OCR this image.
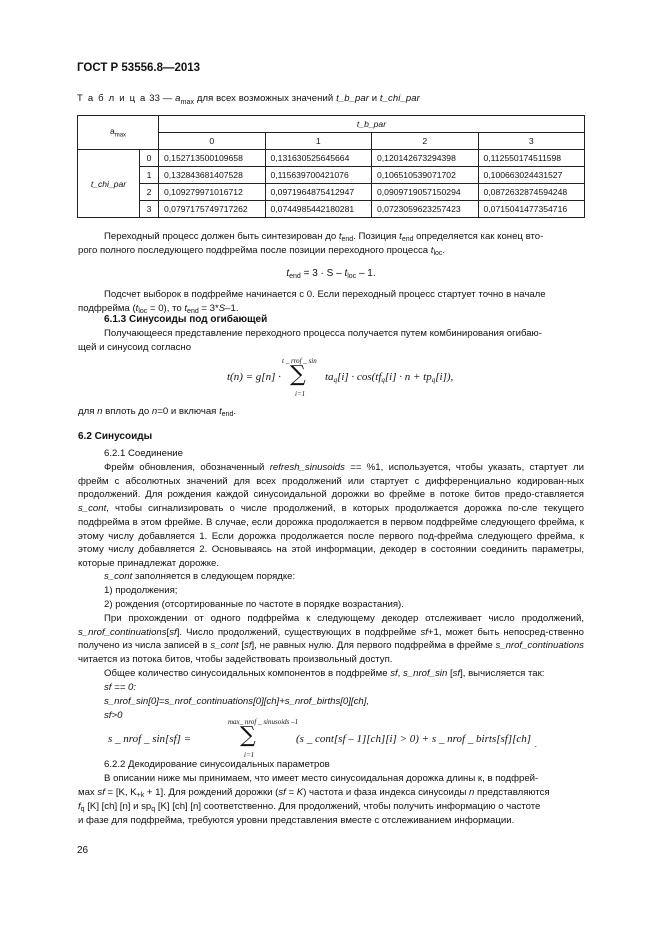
ГОСТ Р 53556.8—2013
Т а б л и ц а 33 — $a_{max}$ для всех возможных значений t_b_par и t_chi_par
$a_{max}$		t_b_par			
		0	1	2	3
t_chi_par	0	0,152713500109658	0,131630525645664	0,120142673294398	0,112550174511598
	1	0,132843681407528	0,115639700421076	0,106510539071702	0,100663024431527
	2	0,109279971016712	0,0971964875412947	0,0909719057150294	0,0872632874594248
	3	0,0797175749717262	0,0744985442180281	0,0723059623257423	0,0715041477354716
Переходный процесс должен быть синтезирован до $t_{end}$. Позиция $t_{end}$ определяется как конец вто-
рого полного последующего подфрейма после позиции переходного процесса $t_{loc}$.
$t_{end} = 3 \cdot S - t_{loc} - 1$.
Подсчет выборок в подфрейме начинается с 0. Если переходный процесс стартует точно в начале
подфрейма $(t_{loc} = 0)$, то $t_{end} = 3*S-1$.
6.1.3 Синусоиды под огибающей
Получающееся представление переходного процесса получается путем комбинирования огибаю-
щей и синусоид согласно
t(n) = g[n] ·
t _ rrof _ sin
∑
i=1
$ta_q[i] \cdot \cos(tf_q[i] \cdot n + tp_q[i])$,
для n вплоть до n=0 и включая $t_{end}$.
6.2 Синусоиды
6.2.1 Соединение
Фрейм обновления, обозначенный refresh_sinusoids == %1, используется, чтобы указать, стартует ли фрейм с абсолютных значений для всех продолжений или стартует с дифференциально кодирован-ных продолжений. Для рождения каждой синусоидальной дорожки во фрейме в потоке битов предо-ставляется s_cont, чтобы сигнализировать о числе продолжений, в которых продолжается дорожка по-сле текущего подфрейма в этом фрейме. В случае, если дорожка продолжается в первом подфрейме следующего фрейма, к этому числу добавляется 1. Если дорожка продолжается после первого под-фрейма следующего фрейма, к этому числу добавляется 2. Основываясь на этой информации, декодер в состоянии соединить параметры, которые принадлежат дорожке.
s_cont заполняется в следующем порядке:
1) продолжения;
2) рождения (отсортированные по частоте в порядке возрастания).
При прохождении от одного подфрейма к следующему декодер отслеживает число продолжений, s_nrof_continuations[sf]. Число продолжений, существующих в подфрейме sf+1, может быть непосред-ственно получено из числа записей в s_cont [sf], не равных нулю. Для первого подфрейма в фрейме s_nrof_continuations читается из потока битов, чтобы задействовать произвольный доступ.
Общее количество синусоидальных компонентов в подфрейме sf, s_nrof_sin [sf], вычисляется так:
sf == 0:
s_nrof_sin[0]=s_nrof_continuations[0][ch]+s_nrof_births[0][ch],
sf>0
s _ nrof _ sin[sf] =
max_ nrof _ sinusoids –1
∑
i=1
(s _ cont[sf – 1][ch][i] > 0) + s _ nrof _ birts[sf][ch] .
6.2.2 Декодирование синусоидальных параметров
В описании ниже мы принимаем, что имеет место синусоидальная дорожка длины к, в подфрей-
мах sf = [K, $K_{+k} + 1$]. Для рождений дорожки (sf = K) частота и фаза индекса синусоиды n представляются
$f_q$ [K] [ch] [n] и $sp_q$ [K] [ch] [n] соответственно. Для продолжений, чтобы получить информацию о частоте
и фазе для подфрейма, требуются уровни представления вместе с отслеживанием информации.
26
